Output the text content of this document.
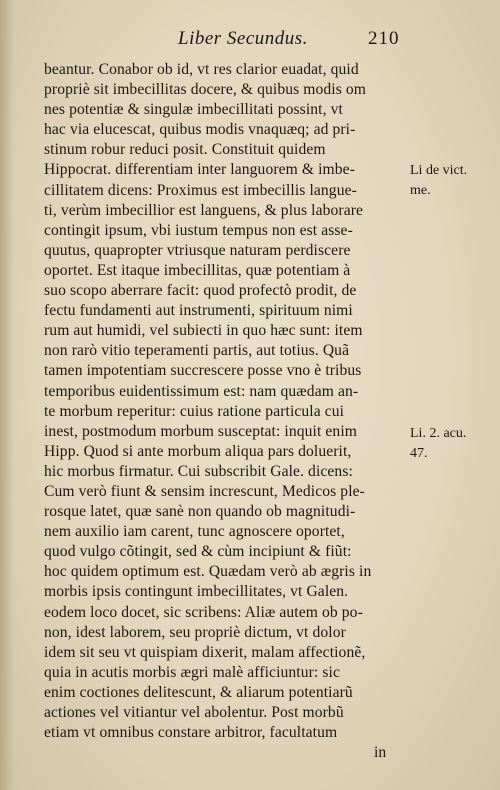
Liber Secundus.	210
beantur. Conabor ob id, vt res clarior euadat, quid
propriè sit imbecillitas docere, & quibus modis om
nes potentiæ & singulæ imbecillitati possint, vt
hac via elucescat, quibus modis vnaquæq; ad pri-
stinum robur reduci posit. Constituit quidem
Hippocrat. differentiam inter languorem & imbe-
cillitatem dicens: Proximus est imbecillis langue-
ti, verùm imbecillior est languens, & plus laborare
contingit ipsum, vbi iustum tempus non est asse-
quutus, quapropter vtriusque naturam perdiscere
oportet. Est itaque imbecillitas, quæ potentiam à
suo scopo aberrare facit: quod profectò prodit, de
fectu fundamenti aut instrumenti, spirituum nimi
rum aut humidi, vel subiecti in quo hæc sunt: item
non rarò vitio teperamenti partis, aut totius. Quã
tamen impotentiam succrescere posse vno è tribus
temporibus euidentissimum est: nam quædam an-
te morbum reperitur: cuius ratione particula cui
inest, postmodum morbum susceptat: inquit enim
Hipp. Quod si ante morbum aliqua pars doluerit,
hic morbus firmatur. Cui subscribit Gale. dicens:
Cum verò fiunt & sensim increscunt, Medicos ple-
rosque latet, quæ sanè non quando ob magnitudi-
nem auxilio iam carent, tunc agnoscere oportet,
quod vulgo cõtingit, sed & cùm incipiunt & fiũt:
hoc quidem optimum est. Quædam verò ab ægris in
morbis ipsis contingunt imbecillitates, vt Galen.
eodem loco docet, sic scribens: Aliæ autem ob po-
non, idest laborem, seu propriè dictum, vt dolor
idem sit seu vt quispiam dixerit, malam affectionẽ,
quia in acutis morbis ægri malè afficiuntur: sic
enim coctiones delitescunt, & aliarum potentiarũ
actiones vel vitiantur vel abolentur. Post morbũ
etiam vt omnibus constare arbitror, facultatum
in
Li de vict.
me.
Li. 2. acu.
47.
